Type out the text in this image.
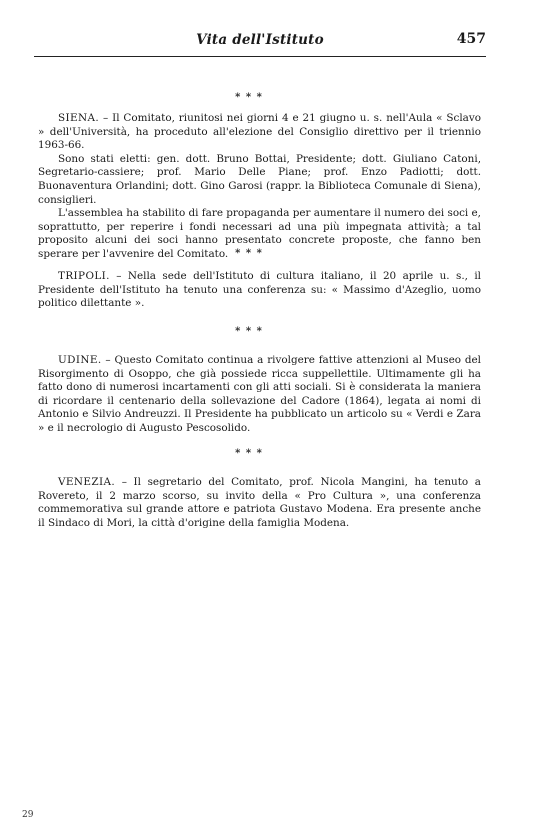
Vita dell'Istituto	457
* * *

SIENA. – Il Comitato, riunitosi nei giorni 4 e 21 giugno u. s. nell'Aula « Sclavo » dell'Università, ha proceduto all'elezione del Consiglio direttivo per il triennio 1963-66.

Sono stati eletti: gen. dott. Bruno Bottai, Presidente; dott. Giuliano Catoni, Segretario-cassiere; prof. Mario Delle Piane; prof. Enzo Padiotti; dott. Buonaventura Orlandini; dott. Gino Garosi (rappr. la Biblioteca Comunale di Siena), consiglieri.

L'assemblea ha stabilito di fare propaganda per aumentare il numero dei soci e, soprattutto, per reperire i fondi necessari ad una più impegnata attività; a tal proposito alcuni dei soci hanno presentato concrete proposte, che fanno ben sperare per l'avvenire del Comitato. * * *

TRIPOLI. – Nella sede dell'Istituto di cultura italiano, il 20 aprile u. s., il Presidente dell'Istituto ha tenuto una conferenza su: « Massimo d'Azeglio, uomo politico dilettante ».

* * *

UDINE. – Questo Comitato continua a rivolgere fattive attenzioni al Museo del Risorgimento di Osoppo, che già possiede ricca suppellettile. Ultimamente gli ha fatto dono di numerosi incartamenti con gli atti sociali. Si è considerata la maniera di ricordare il centenario della sollevazione del Cadore (1864), legata ai nomi di Antonio e Silvio Andreuzzi. Il Presidente ha pubblicato un articolo su « Verdi e Zara » e il necrologio di Augusto Pescosolido.

* * *

VENEZIA. – Il segretario del Comitato, prof. Nicola Mangini, ha tenuto a Rovereto, il 2 marzo scorso, su invito della « Pro Cultura », una conferenza commemorativa sul grande attore e patriota Gustavo Modena. Era presente anche il Sindaco di Mori, la città d'origine della famiglia Modena.

29
